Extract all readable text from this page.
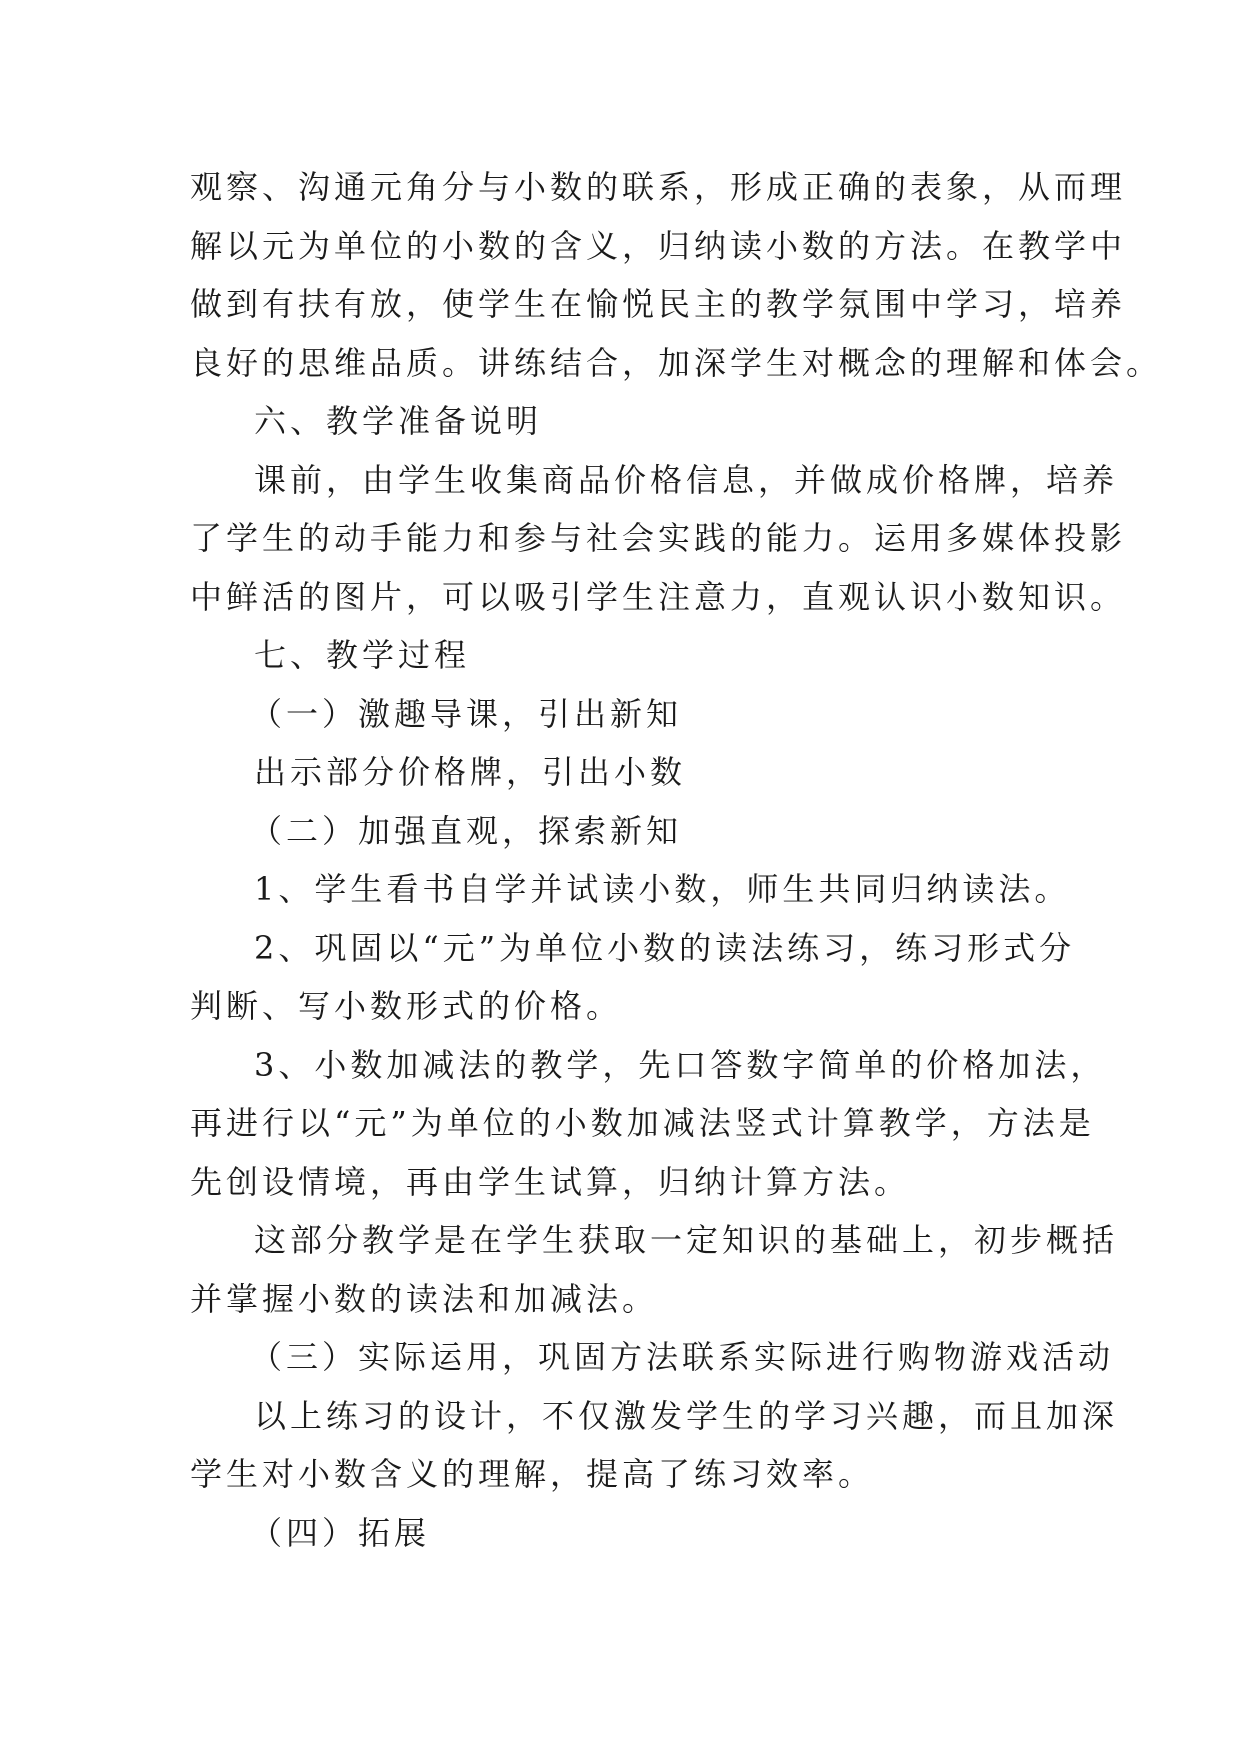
观察、沟通元角分与小数的联系，形成正确的表象，从而理

解以元为单位的小数的含义，归纳读小数的方法。在教学中

做到有扶有放，使学生在愉悦民主的教学氛围中学习，培养

良好的思维品质。讲练结合，加深学生对概念的理解和体会。

六、教学准备说明

课前，由学生收集商品价格信息，并做成价格牌，培养

了学生的动手能力和参与社会实践的能力。运用多媒体投影

中鲜活的图片，可以吸引学生注意力，直观认识小数知识。

七、教学过程

（一）激趣导课，引出新知

出示部分价格牌，引出小数

（二）加强直观，探索新知

1、学生看书自学并试读小数，师生共同归纳读法。

2、巩固以“元”为单位小数的读法练习，练习形式分

判断、写小数形式的价格。

3、小数加减法的教学，先口答数字简单的价格加法，

再进行以“元”为单位的小数加减法竖式计算教学，方法是

先创设情境，再由学生试算，归纳计算方法。

这部分教学是在学生获取一定知识的基础上，初步概括

并掌握小数的读法和加减法。

（三）实际运用，巩固方法联系实际进行购物游戏活动

以上练习的设计，不仅激发学生的学习兴趣，而且加深

学生对小数含义的理解，提高了练习效率。

（四）拓展
